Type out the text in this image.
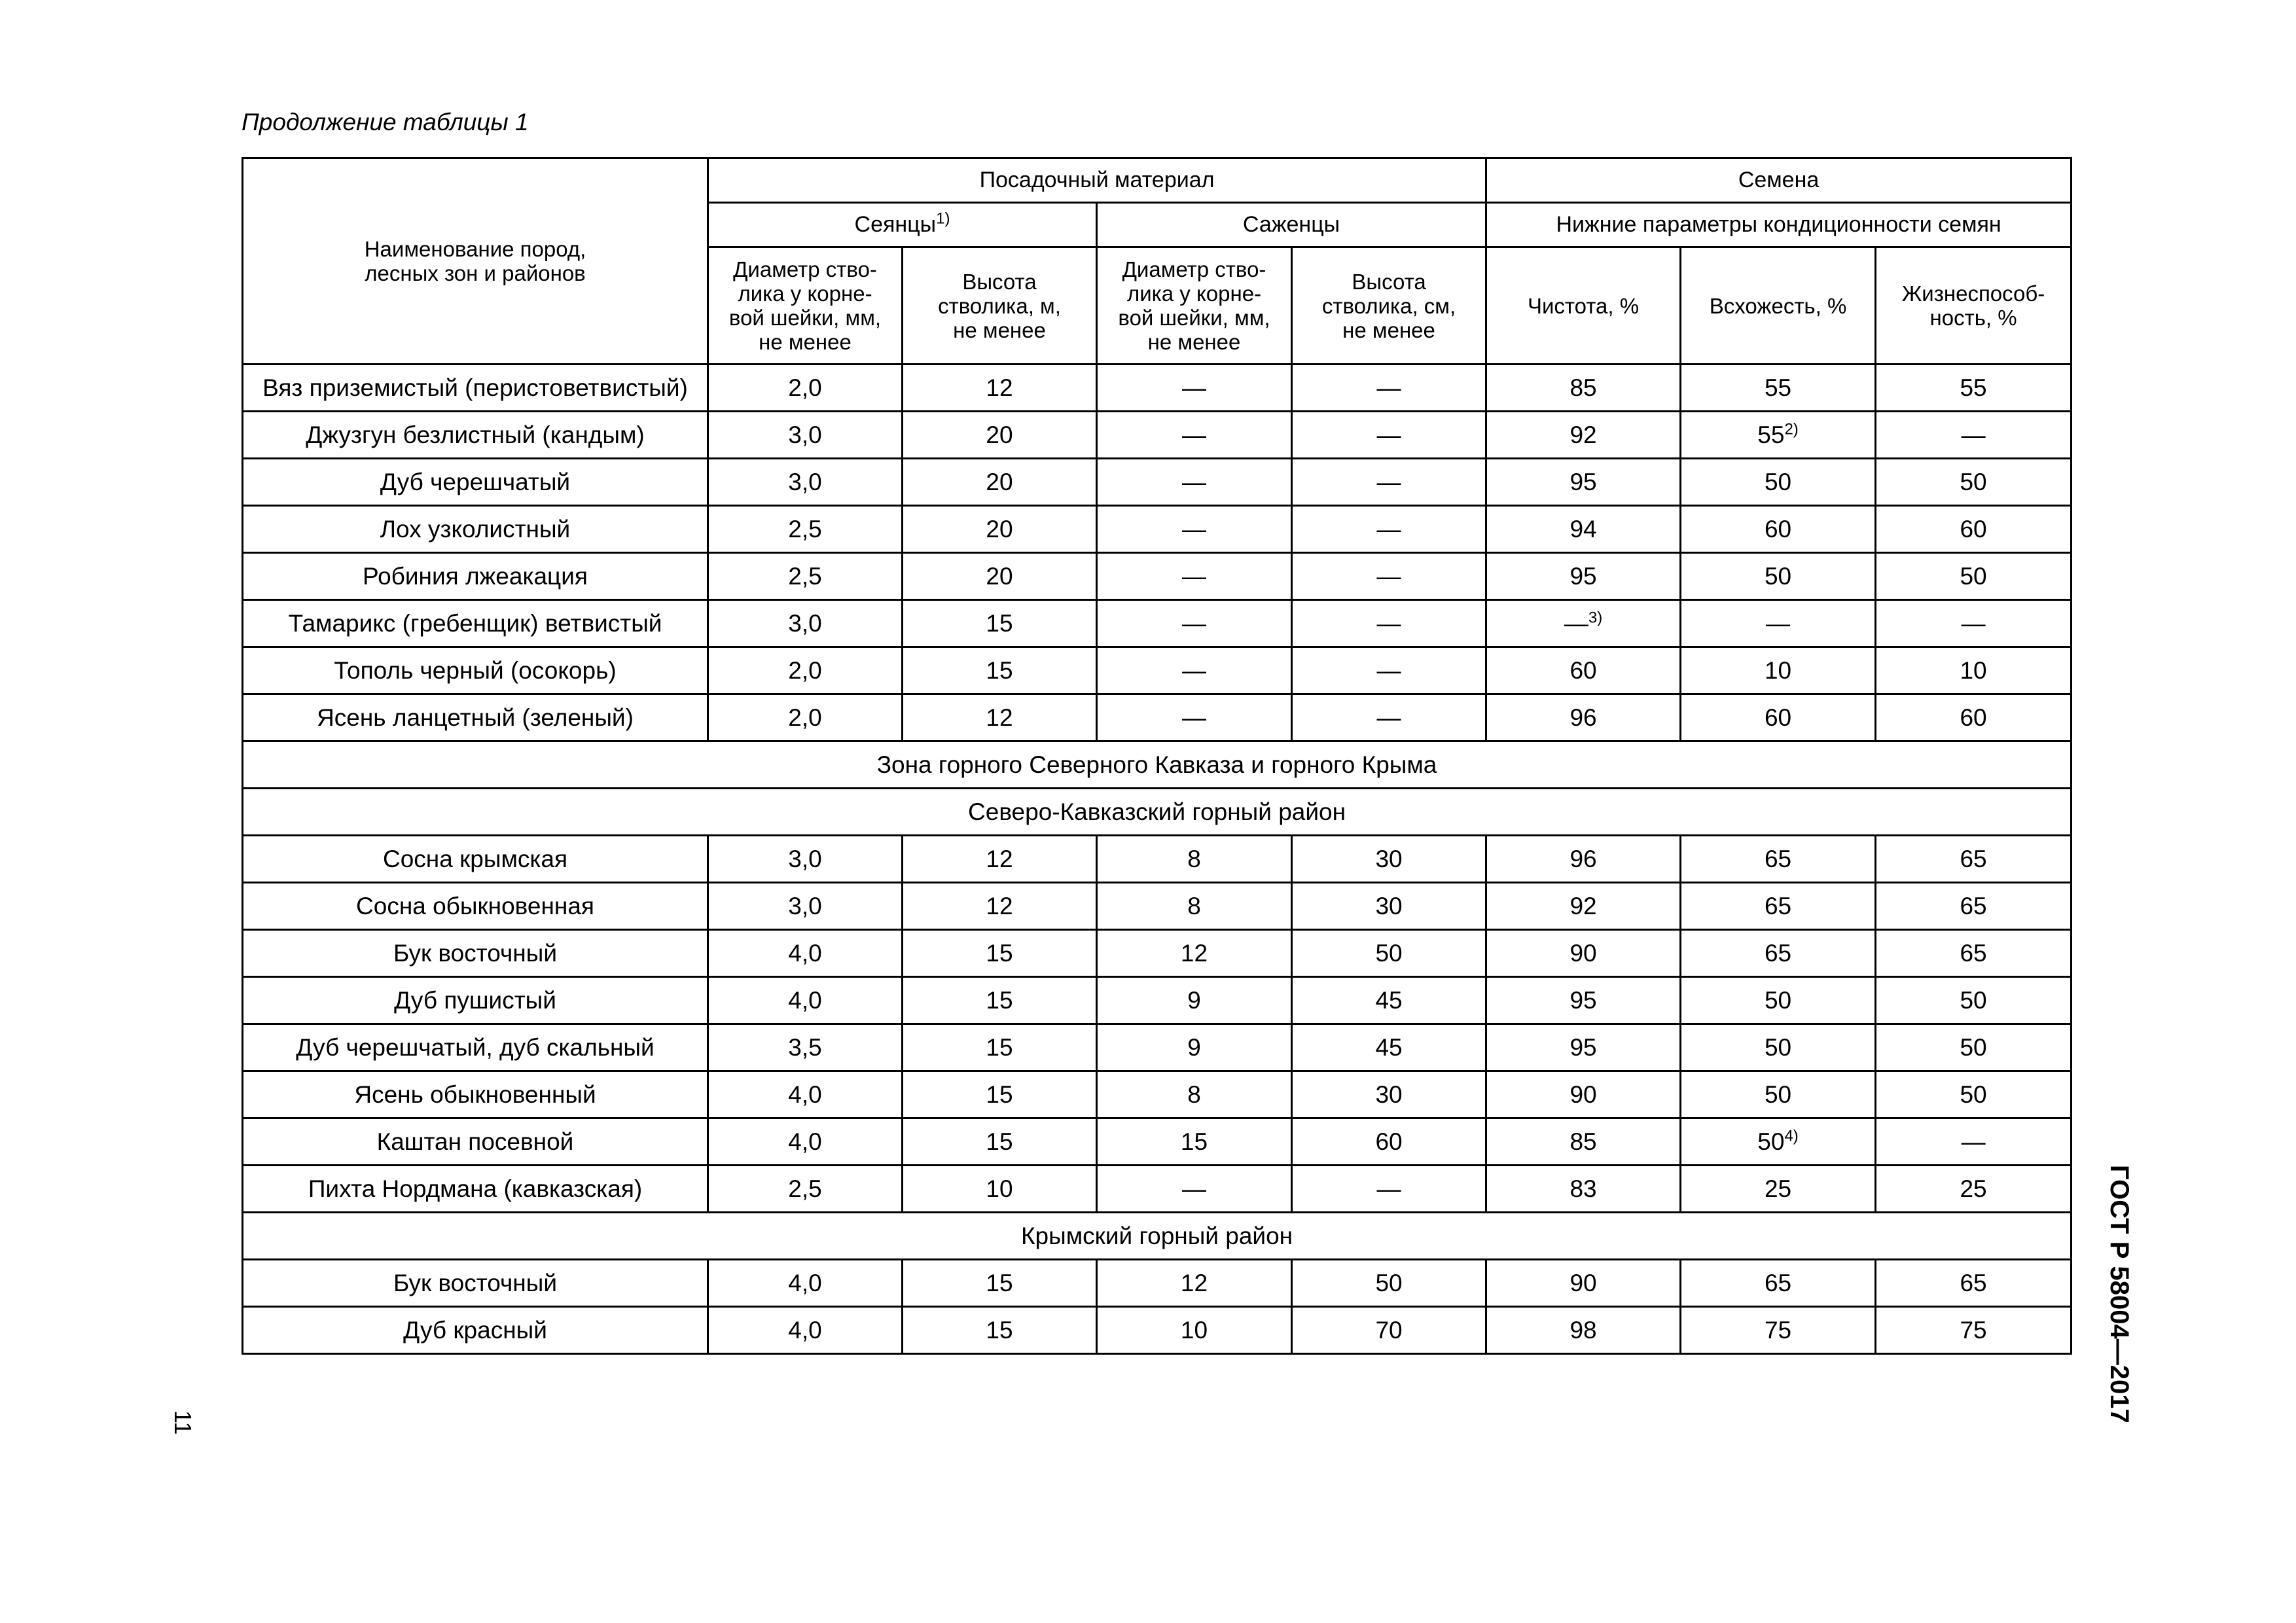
Продолжение таблицы 1
Наименование пород,
лесных зон и районов	Посадочный материал				Семена		
	Сеянцы$^{1)}$		Саженцы		Нижние параметры кондиционности семян		
	Диаметр ство-
лика у корне-
вой шейки, мм,
не менее	Высота
стволика, м,
не менее	Диаметр ство-
лика у корне-
вой шейки, мм,
не менее	Высота
стволика, см,
не менее	Чистота, %	Всхожесть, %	Жизнеспособ-
ность, %
Вяз приземистый (перистоветвистый)	2,0	12	—	—	85	55	55
Джузгун безлистный (кандым)	3,0	20	—	—	92	55$^{2)}$	—
Дуб черешчатый	3,0	20	—	—	95	50	50
Лох узколистный	2,5	20	—	—	94	60	60
Робиния лжеакация	2,5	20	—	—	95	50	50
Тамарикс (гребенщик) ветвистый	3,0	15	—	—	—$^{3)}$	—	—
Тополь черный (осокорь)	2,0	15	—	—	60	10	10
Ясень ланцетный (зеленый)	2,0	12	—	—	96	60	60
Зона горного Северного Кавказа и горного Крыма							
Северо-Кавказский горный район							
Сосна крымская	3,0	12	8	30	96	65	65
Сосна обыкновенная	3,0	12	8	30	92	65	65
Бук восточный	4,0	15	12	50	90	65	65
Дуб пушистый	4,0	15	9	45	95	50	50
Дуб черешчатый, дуб скальный	3,5	15	9	45	95	50	50
Ясень обыкновенный	4,0	15	8	30	90	50	50
Каштан посевной	4,0	15	15	60	85	50$^{4)}$	—
Пихта Нордмана (кавказская)	2,5	10	—	—	83	25	25
Крымский горный район							
Бук восточный	4,0	15	12	50	90	65	65
Дуб красный	4,0	15	10	70	98	75	75	ГОСТ Р 58004—2017
11
